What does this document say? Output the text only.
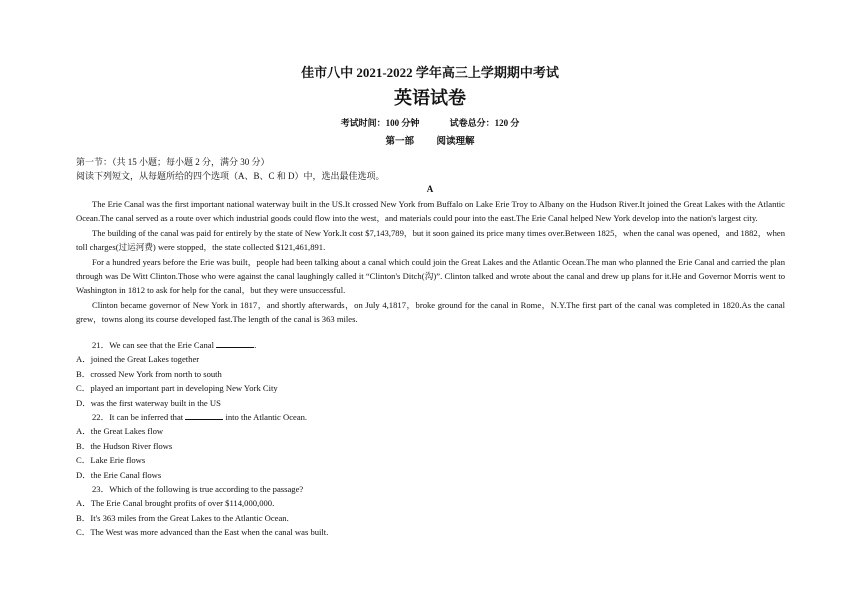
佳市八中 2021-2022 学年高三上学期期中考试
英语试卷
考试时间：100 分钟	试卷总分：120 分
第一部 阅读理解
第一节：（共 15 小题；每小题 2 分，满分 30 分）
阅读下列短文，从每题所给的四个选项（A、B、C 和 D）中，选出最佳选项。
A

The Erie Canal was the first important national waterway built in the US.It crossed New York from Buffalo on Lake Erie Troy to Albany on the Hudson River.It joined the Great Lakes with the Atlantic Ocean.The canal served as a route over which industrial goods could flow into the west，and materials could pour into the east.The Erie Canal helped New York develop into the nation's largest city.

The building of the canal was paid for entirely by the state of New York.It cost $7,143,789，but it soon gained its price many times over.Between 1825，when the canal was opened，and 1882，when toll charges(过运河费) were stopped，the state collected $121,461,891.

For a hundred years before the Erie was built，people had been talking about a canal which could join the Great Lakes and the Atlantic Ocean.The man who planned the Erie Canal and carried the plan through was De Witt Clinton.Those who were against the canal laughingly called it “Clinton's Ditch(沟)”. Clinton talked and wrote about the canal and drew up plans for it.He and Governor Morris went to Washington in 1812 to ask for help for the canal，but they were unsuccessful.

Clinton became governor of New York in 1817，and shortly afterwards，on July 4,1817，broke ground for the canal in Rome，N.Y.The first part of the canal was completed in 1820.As the canal grew，towns along its course developed fast.The length of the canal is 363 miles.

21．We can see that the Erie Canal	.
A．joined the Great Lakes together
B．crossed New York from north to south
C．played an important part in developing New York City
D．was the first waterway built in the US
22．It can be inferred that	into the Atlantic Ocean.
A．the Great Lakes flow
B．the Hudson River flows
C．Lake Erie flows
D．the Erie Canal flows
23．Which of the following is true according to the passage?
A．The Erie Canal brought profits of over $114,000,000.
B．It's 363 miles from the Great Lakes to the Atlantic Ocean.
C．The West was more advanced than the East when the canal was built.
